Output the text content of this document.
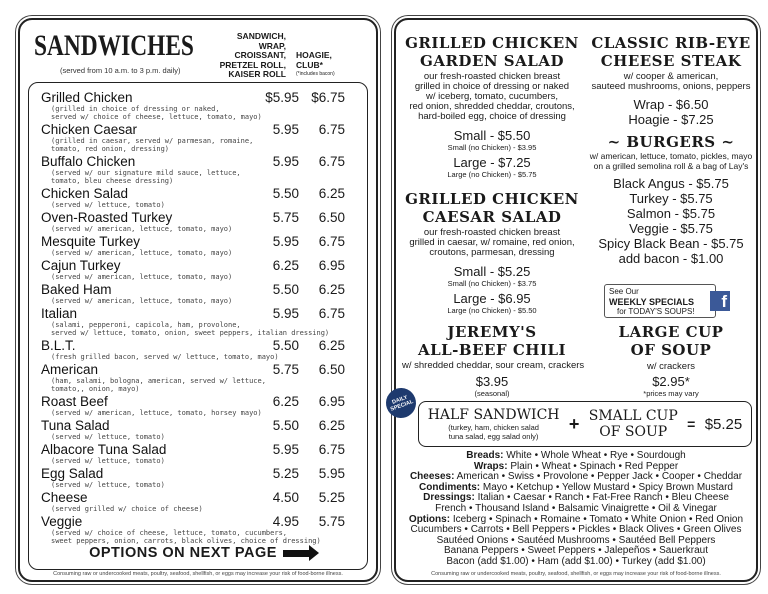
SANDWICHES
(served from 10 a.m. to 3 p.m. daily)
SANDWICH,
WRAP,
CROISSANT,
PRETZEL ROLL,
KAISER ROLL
HOAGIE,
CLUB*
(*includes bacon)
Grilled Chicken
(grilled in choice of dressing or naked,
served w/ choice of cheese, lettuce, tomato, mayo)
$5.95 $6.75
Chicken Caesar
(grilled in caesar, served w/ parmesan, romaine,
tomato, red onion, dressing)
5.95 6.75
Buffalo Chicken
(served w/ our signature mild sauce, lettuce,
tomato, bleu cheese dressing)
5.95 6.75
Chicken Salad
(served w/ lettuce, tomato)
5.50 6.25
Oven-Roasted Turkey
(served w/ american, lettuce, tomato, mayo)
5.75 6.50
Mesquite Turkey
(served w/ american, lettuce, tomato, mayo)
5.95 6.75
Cajun Turkey
(served w/ american, lettuce, tomato, mayo)
6.25 6.95
Baked Ham
(served w/ american, lettuce, tomato, mayo)
5.50 6.25
Italian
(salami, pepperoni, capicola, ham, provolone,
served w/ lettuce, tomato, onion, sweet peppers, italian dressing)
5.95 6.75
B.L.T.
(fresh grilled bacon, served w/ lettuce, tomato, mayo)
5.50 6.25
American
(ham, salami, bologna, american, served w/ lettuce,
tomato,, onion, mayo)
5.75 6.50
Roast Beef
(served w/ american, lettuce, tomato, horsey mayo)
6.25 6.95
Tuna Salad
(served w/ lettuce, tomato)
5.50 6.25
Albacore Tuna Salad
(served w/ lettuce, tomato)
5.95 6.75
Egg Salad
(served w/ lettuce, tomato)
5.25 5.95
Cheese
(served grilled w/ choice of cheese)
4.50 5.25
Veggie
(served w/ choice of cheese, lettuce, tomato, cucumbers,
sweet peppers, onion, carrots, black olives, choice of dressing)
4.95 5.75
OPTIONS ON NEXT PAGE
Consuming raw or undercooked meats, poultry, seafood, shellfish, or eggs may increase your risk of food-borne illness.
GRILLED CHICKEN
GARDEN SALAD
our fresh-roasted chicken breast
grilled in choice of dressing or naked
w/ iceberg, tomato, cucumbers,
red onion, shredded cheddar, croutons,
hard-boiled egg, choice of dressing
Small - $5.50
Small (no Chicken) - $3.95
Large - $7.25
Large (no Chicken) - $5.75
GRILLED CHICKEN
CAESAR SALAD
our fresh-roasted chicken breast
grilled in caesar, w/ romaine, red onion,
croutons, parmesan, dressing
Small - $5.25
Small (no Chicken) - $3.75
Large - $6.95
Large (no Chicken) - $5.50
JEREMY'S
ALL-BEEF CHILI
w/ shredded cheddar, sour cream, crackers
$3.95
(seasonal)
CLASSIC RIB-EYE
CHEESE STEAK
w/ cooper & american,
sauteed mushrooms, onions, peppers
Wrap - $6.50
Hoagie - $7.25
~ BURGERS ~
w/ american, lettuce, tomato, pickles, mayo
on a grilled semolina roll & a bag of Lay's
Black Angus - $5.75
Turkey - $5.75
Salmon - $5.75
Veggie - $5.75
Spicy Black Bean - $5.75
add bacon - $1.00
See Our
WEEKLY SPECIALS
for TODAY'S SOUPS!
f
LARGE CUP
OF SOUP
w/ crackers
$2.95*
*prices may vary
HALF SANDWICH
(turkey, ham, chicken salad
tuna salad, egg salad only)
+ SMALL CUP
OF SOUP	= $5.25
DAILY SPECIAL
Breads: White • Whole Wheat • Rye • Sourdough
Wraps: Plain • Wheat • Spinach • Red Pepper
Cheeses: American • Swiss • Provolone • Pepper Jack • Cooper • Cheddar
Condiments: Mayo • Ketchup • Yellow Mustard • Spicy Brown Mustard
Dressings: Italian • Caesar • Ranch • Fat-Free Ranch • Bleu Cheese
French • Thousand Island • Balsamic Vinaigrette • Oil & Vinegar
Options: Iceberg • Spinach • Romaine • Tomato • White Onion • Red Onion
Cucumbers • Carrots • Bell Peppers • Pickles • Black Olives • Green Olives
Sautéed Onions • Sautéed Mushrooms • Sautéed Bell Peppers
Banana Peppers • Sweet Peppers • Jalepeños • Sauerkraut
Bacon (add $1.00) • Ham (add $1.00) • Turkey (add $1.00)
Consuming raw or undercooked meats, poultry, seafood, shellfish, or eggs may increase your risk of food-borne illness.
